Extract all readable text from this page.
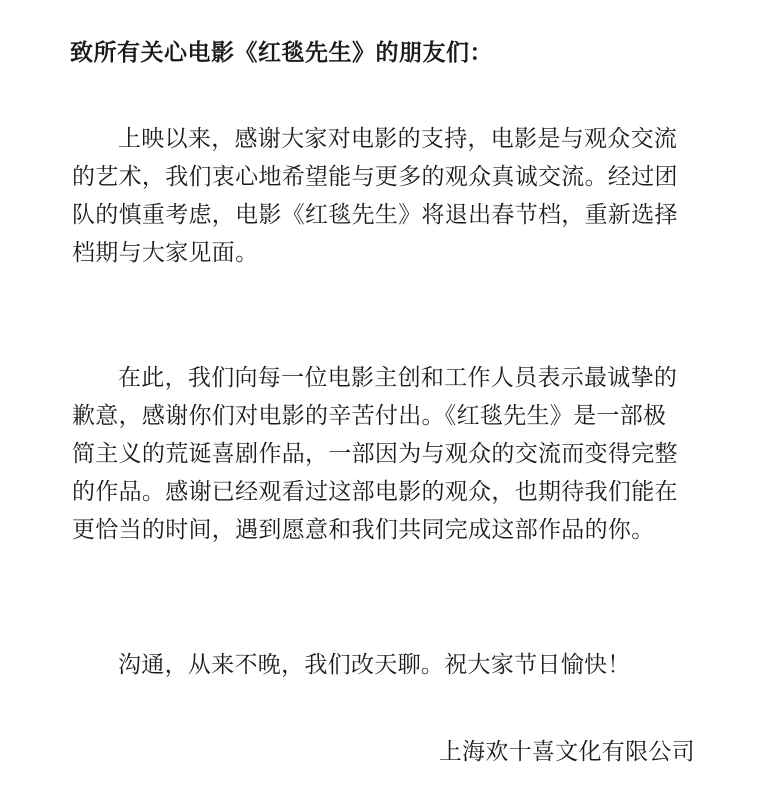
致所有关心电影《红毯先生》的朋友们：
上映以来，感谢大家对电影的支持，电影是与观众交流
的艺术，我们衷心地希望能与更多的观众真诚交流。经过团
队的慎重考虑，电影《红毯先生》将退出春节档，重新选择
档期与大家见面。
在此，我们向每一位电影主创和工作人员表示最诚挚的
歉意，感谢你们对电影的辛苦付出。《红毯先生》是一部极
简主义的荒诞喜剧作品，一部因为与观众的交流而变得完整
的作品。感谢已经观看过这部电影的观众，也期待我们能在
更恰当的时间，遇到愿意和我们共同完成这部作品的你。
沟通，从来不晚，我们改天聊。祝大家节日愉快！
上海欢十喜文化有限公司
